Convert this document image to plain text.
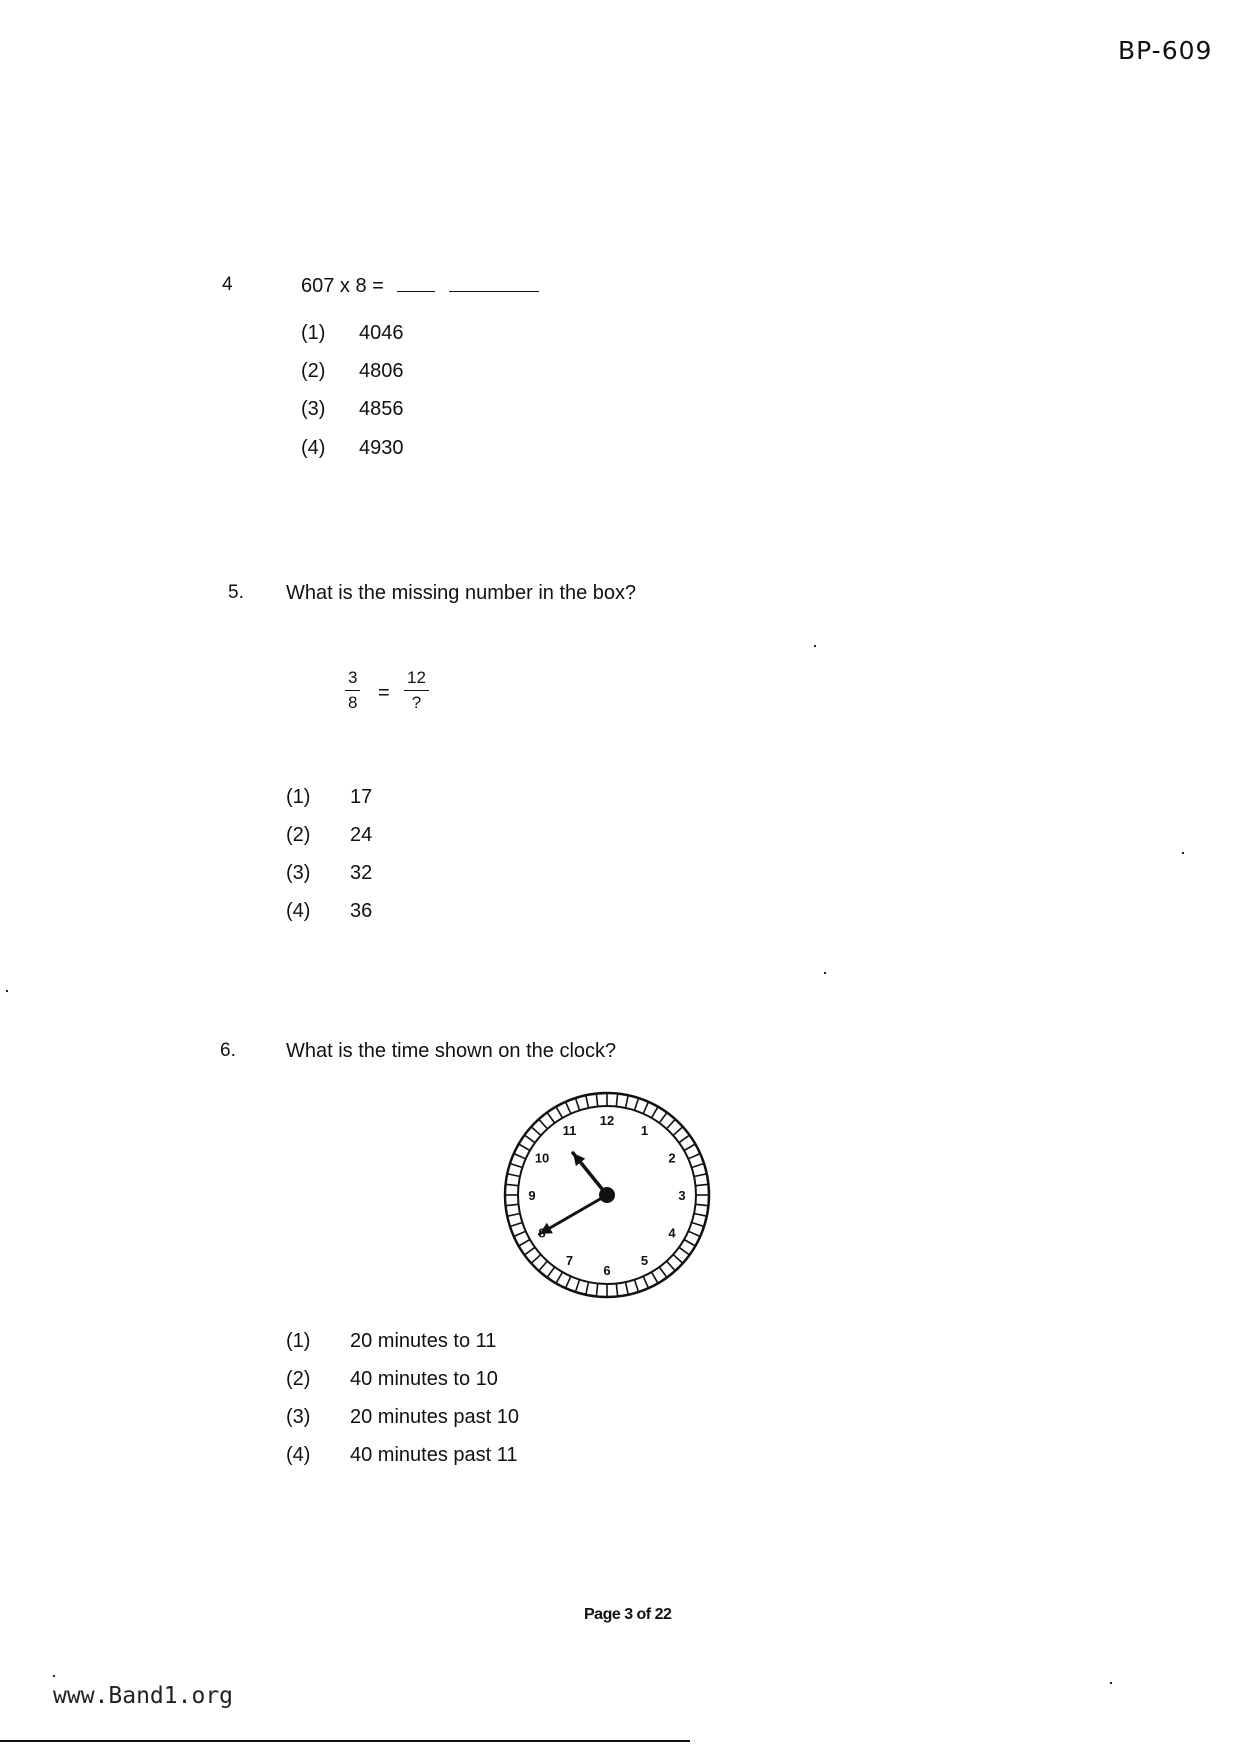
BP-609
4	607 x 8 =
(1) 4046
(2) 4806
(3) 4856
(4) 4930
5. What is the missing number in the box?
$\frac{3}{8}$ =
12
?
(1) 17
(2) 24
(3) 32
(4) 36
6.	What is the time shown on the clock?
12
1
2
3
4
5
6
7
9
10
11
(1) 20 minutes to 11
(2) 40 minutes to 10
(3) 20 minutes past 10
(4) 40 minutes past 11
Page 3 of 22
www.Band1.org
